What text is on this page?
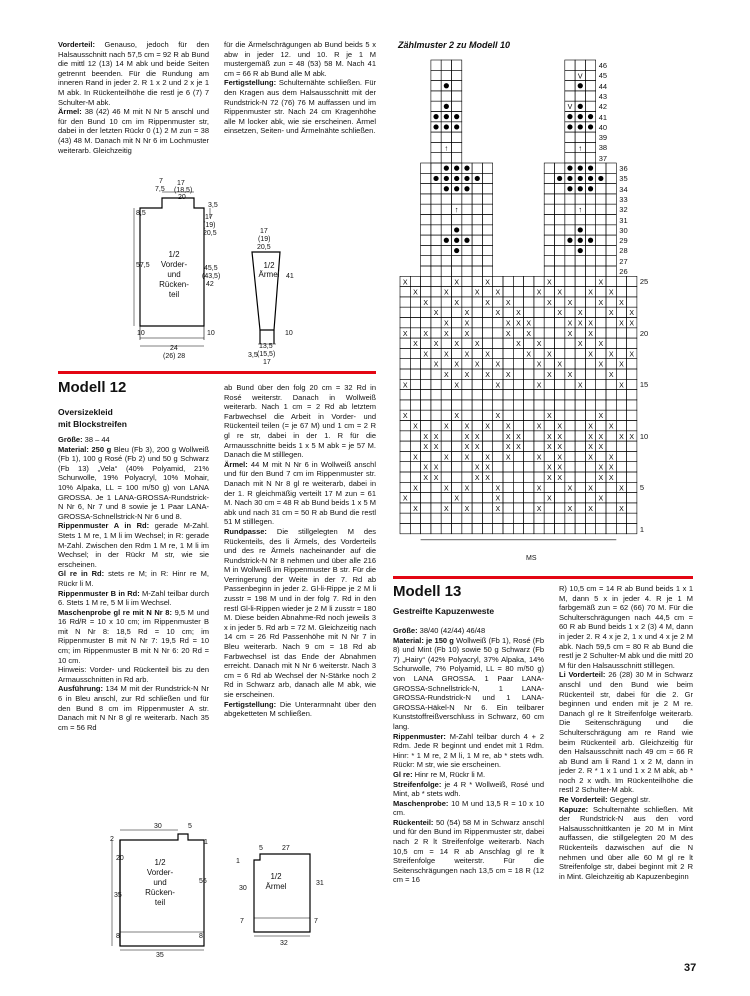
Vorderteil: Genauso, jedoch für den Halsausschnitt nach 57,5 cm = 92 R ab Bund die mittl 12 (13) 14 M abk und beide Seiten getrennt beenden. Für die Rundung am inneren Rand in jeder 2. R 1 x 2 und 2 x je 1 M abk. In Rückenteilhöhe die restl je 6 (7) 7 Schulter-M abk.

Ärmel: 38 (42) 46 M mit N Nr 5 anschl und für den Bund 10 cm im Rippenmuster str, dabei in der letzten Rückr 0 (1) 2 M zun = 38 (43) 48 M. Danach mit N Nr 6 im Lochmuster weiterarb. Gleichzeitig

für die Ärmelschrägungen ab Bund beids 5 x abw in jeder 12. und 10. R je 1 M mustergemäß zun = 48 (53) 58 M. Nach 41 cm = 66 R ab Bund alle M abk.

Fertigstellung: Schulternähte schließen. Für den Kragen aus dem Halsausschnitt mit der Rundstrick-N 72 (76) 76 M auffassen und im Rippenmuster str. Nach 24 cm Kragenhöhe alle M locker abk, wie sie erscheinen. Ärmel einsetzen, Seiten- und Ärmelnähte schließen.

7 17
7,5 (18,5)
20
8,5
3,5
17
(19)
20,5
57,5	45,5
(43,5)
42
10	10
24
(26) 28
1/2
Vorder-
und
Rücken-
teil
17
(19)
20,5
1/2
Ärmel 41
10
13,5
(15,5)
17
3,5
Modell 12
Oversizekleid
mit Blockstreifen

Größe: 38 – 44

Material: 250 g Bleu (Fb 3), 200 g Wollweiß (Fb 1), 100 g Rosé (Fb 2) und 50 g Schwarz (Fb 13) „Vela“ (40% Polyamid, 21% Schurwolle, 19% Polyacryl, 10% Mohair, 10% Alpaka, LL = 100 m/50 g) von LANA GROSSA. Je 1 LANA-GROSSA-Rundstrick-N Nr 6, Nr 7 und 8 sowie je 1 Paar LANA-GROSSA-Schnellstrick-N Nr 6 und 8.

Rippenmuster A in Rd: gerade M-Zahl. Stets 1 M re, 1 M li im Wechsel; in R: gerade M-Zahl. Zwischen den Rdm 1 M re, 1 M li im Wechsel; in der Rückr M str, wie sie erscheinen.

Gl re in Rd: stets re M; in R: Hinr re M, Rückr li M.

Rippenmuster B in Rd: M-Zahl teilbar durch 6. Stets 1 M re, 5 M li im Wechsel.

Maschenprobe gl re mit N Nr 8: 9,5 M und 16 Rd/R = 10 x 10 cm; im Rippenmuster B mit N Nr 8: 18,5 Rd = 10 cm; im Rippenmuster B mit N Nr 7: 19,5 Rd = 10 cm; im Rippenmuster B mit N Nr 6: 20 Rd = 10 cm.

Hinweis: Vorder- und Rückenteil bis zu den Armausschnitten in Rd arb.

Ausführung: 134 M mit der Rundstrick-N Nr 6 in Bleu anschl, zur Rd schließen und für den Bund 8 cm im Rippenmuster A str. Danach mit N Nr 8 gl re weiterarb. Nach 35 cm = 56 Rd

ab Bund über den folg 20 cm = 32 Rd in Rosé weiterstr. Danach in Wollweiß weiterarb. Nach 1 cm = 2 Rd ab letztem Farbwechsel die Arbeit in Vorder- und Rückenteil teilen (= je 67 M) und 1 cm = 2 R gl re str, dabei in der 1. R für die Armausschnitte beids 1 x 5 M abk = je 57 M. Danach die M stilllegen.

Ärmel: 44 M mit N Nr 6 in Wollweiß anschl und für den Bund 7 cm im Rippenmuster str. Danach mit N Nr 8 gl re weiterarb, dabei in der 1. R gleichmäßig verteilt 17 M zun = 61 M. Nach 30 cm = 48 R ab Bund beids 1 x 5 M abk und nach 31 cm = 50 R ab Bund die restl 51 M stilllegen.

Rundpasse: Die stillgelegten M des Rückenteils, des li Ärmels, des Vorderteils und des re Ärmels nacheinander auf die Rundstrick-N Nr 8 nehmen und über alle 216 M in Wollweiß im Rippenmuster B str. Für die Verringerung der Weite in der 7. Rd ab Passenbeginn in jeder 2. Gl-li-Rippe je 2 M li zusstr = 198 M und in der folg 7. Rd in den restl Gl-li-Rippen wieder je 2 M li zusstr = 180 M. Diese beiden Abnahme-Rd noch jeweils 3 x in jeder 5. Rd arb = 72 M. Gleichzeitig nach 14 cm = 26 Rd Passenhöhe mit N Nr 7 in Bleu weiterarb. Nach 9 cm = 18 Rd ab Farbwechsel ist das Ende der Abnahmen erreicht. Danach mit N Nr 6 weiterstr. Nach 3 cm = 6 Rd ab Wechsel der N-Stärke noch 2 Rd in Schwarz arb, danach alle M abk, wie sie erscheinen.

Fertigstellung: Die Unterarmnaht über den abgeketteten M schließen.

2
30	5
1
20
35
56
8	8
35
1/2
Vorder-
und
Rücken-
teil
1
5	27
30
31
7	7
32
1/2
Ärmel
Zählmuster 2 zu Modell 10
↑	↑
V
V
↑	↑
X	X	X	X	X
X	X	X X	X X	X X
X	X	X X	X X	X X
X	X	X X	X X	X X
X X	X X X	X X X	X X
X X X X	X X	X X
X X X X	X X	X X
X X X X	X X	X X X
X X X X	X X	X X
X X X X	X X	X
X	X	X	X	X	X
X	X	X	X	X
X	X X X X	X X	X X
X X	X X	X X	X X	X X X X
X X	X X	X X	X X	X X
X	X X X X	X X	X X
X X	X X	X X	X X
X X	X X	X X	X X
X	X X	X	X	X X	X
X	X	X	X	X
X	X X	X	X	X X	X
46
45
44
43
42
41
40
39
38
37
36
35
34
33
32
31
30
29
28
27
26
25
20
15
10
5
1
MS
Modell 13
Gestreifte Kapuzenweste

Größe: 38/40 (42/44) 46/48

Material: je 150 g Wollweiß (Fb 1), Rosé (Fb 8) und Mint (Fb 10) sowie 50 g Schwarz (Fb 7) „Hairy“ (42% Polyacryl, 37% Alpaka, 14% Schurwolle, 7% Polyamid, LL = 80 m/50 g) von LANA GROSSA. 1 Paar LANA-GROSSA-Schnellstrick-N, 1 LANA-GROSSA-Rundstrick-N und 1 LANA-GROSSA-Häkel-N Nr 6. Ein teilbarer Kunststoffreißverschluss in Schwarz, 60 cm lang.

Rippenmuster: M-Zahl teilbar durch 4 + 2 Rdm. Jede R beginnt und endet mit 1 Rdm. Hinr: * 1 M re, 2 M li, 1 M re, ab * stets wdh. Rückr: M str, wie sie erscheinen.

Gl re: Hinr re M, Rückr li M.

Streifenfolge: je 4 R * Wollweiß, Rosé und Mint, ab * stets wdh.

Maschenprobe: 10 M und 13,5 R = 10 x 10 cm.

Rückenteil: 50 (54) 58 M in Schwarz anschl und für den Bund im Rippenmuster str, dabei nach 2 R lt Streifenfolge weiterarb. Nach 10,5 cm = 14 R ab Anschlag gl re lt Streifenfolge weiterstr. Für die Seitenschrägungen nach 13,5 cm = 18 R (12 cm = 16

R) 10,5 cm = 14 R ab Bund beids 1 x 1 M, dann 5 x in jeder 4. R je 1 M farbgemäß zun = 62 (66) 70 M. Für die Schulterschrägungen nach 44,5 cm = 60 R ab Bund beids 1 x 2 (3) 4 M, dann in jeder 2. R 4 x je 2, 1 x und 4 x je 2 M abk. Nach 59,5 cm = 80 R ab Bund die restl je 2 Schulter-M abk und die mittl 20 M für den Halsausschnitt stilllegen.

Li Vorderteil: 26 (28) 30 M in Schwarz anschl und den Bund wie beim Rückenteil str, dabei für die 2. Gr beginnen und enden mit je 2 M re. Danach gl re lt Streifenfolge weiterarb. Die Seitenschrägung und die Schulterschrägung am re Rand wie beim Rückenteil arb. Gleichzeitig für den Halsausschnitt nach 49 cm = 66 R ab Bund am li Rand 1 x 2 M, dann in jeder 2. R * 1 x 1 und 1 x 2 M abk, ab * noch 2 x wdh. Im Rückenteilhöhe die restl 2 Schulter-M abk.

Re Vorderteil: Gegengl str.

Kapuze: Schulternähte schließen. Mit der Rundstrick-N aus den vord Halsausschnittkanten je 20 M in Mint auffassen, die stillgelegten 20 M des Rückenteils dazwischen auf die N nehmen und über alle 60 M gl re lt Streifenfolge str, dabei beginnt mit 2 R in Mint. Gleichzeitig ab Kapuzenbeginn

37
